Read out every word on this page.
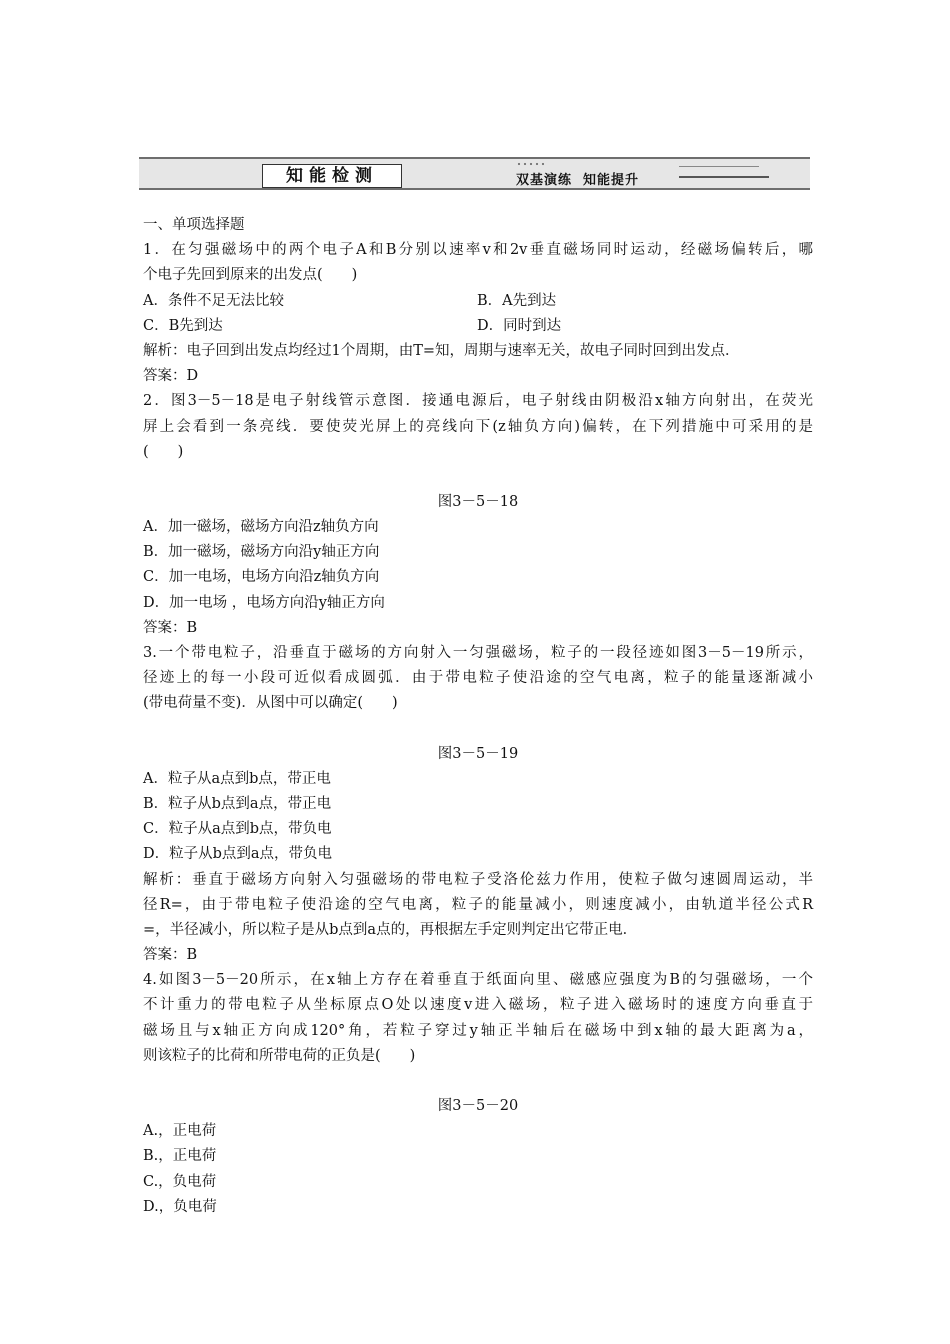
知能检测	双基演练  知能提升
一、单项选择题
1．在匀强磁场中的两个电子A和B分别以速率v和2v垂直磁场同时运动，经磁场偏转后，哪
个电子先回到原来的出发点(　　)
A．条件不足无法比较	B．A先到达
C．B先到达	D．同时到达
解析：电子回到出发点均经过1个周期，由T=知，周期与速率无关，故电子同时回到出发点．
答案：D
2．图3－5－18是电子射线管示意图．接通电源后，电子射线由阴极沿x轴方向射出，在荧光
屏上会看到一条亮线．要使荧光屏上的亮线向下(z轴负方向)偏转，在下列措施中可采用的是
(　　)
图3－5－18
A．加一磁场，磁场方向沿z轴负方向
B．加一磁场，磁场方向沿y轴正方向
C．加一电场，电场方向沿z轴负方向
D．加一电场 ，电场方向沿y轴正方向
答案：B
3.一个带电粒子，沿垂直于磁场的方向射入一匀强磁场，粒子的一段径迹如图3－5－19所示，
径迹上的每一小段可近似看成圆弧．由于带电粒子使沿途的空气电离，粒子的能量逐渐减小
(带电荷量不变)．从图中可以确定(　　)
图3－5－19
A．粒子从a点到b点，带正电
B．粒子从b点到a点，带正电
C．粒子从a点到b点，带负电
D．粒子从b点到a点，带负电
解析：垂直于磁场方向射入匀强磁场的带电粒子受洛伦兹力作用，使粒子做匀速圆周运动，半
径R=，由于带电粒子使沿途的空气电离，粒子的能量减小，则速度减小，由轨道半径公式R
=，半径减小，所以粒子是从b点到a点的，再根据左手定则判定出它带正电．
答案：B
4.如图3－5－20所示，在x轴上方存在着垂直于纸面向里、磁感应强度为B的匀强磁场，一个
不计重力的带电粒子从坐标原点O处以速度v进入磁场，粒子进入磁场时的速度方向垂直于
磁场且与x轴正方向成120°角，若粒子穿过y轴正半轴后在磁场中到x轴的最大距离为a，
则该粒子的比荷和所带电荷的正负是(　　)
图3－5－20
A.，正电荷
B.，正电荷
C.，负电荷
D.，负电荷
